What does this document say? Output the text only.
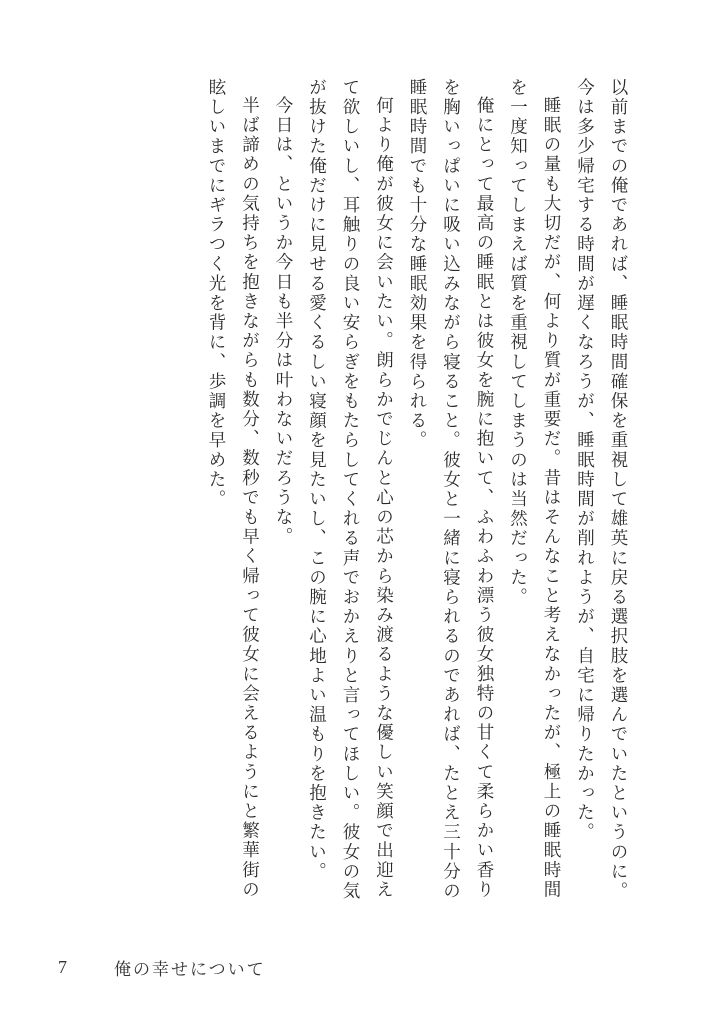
以前までの俺であれば、睡眠時間確保を重視して雄英に戻る選択肢を選んでいたというのに。今は多少帰宅する時間が遅くなろうが、睡眠時間が削れようが、自宅に帰りたかった。

睡眠の量も大切だが、何より質が重要だ。昔はそんなこと考えなかったが、極上の睡眠時間を一度知ってしまえば質を重視してしまうのは当然だった。

俺にとって最高の睡眠とは彼女を腕に抱いて、ふわふわ漂う彼女独特の甘くて柔らかい香りを胸いっぱいに吸い込みながら寝ること。彼女と一緒に寝られるのであれば、たとえ三十分の睡眠時間でも十分な睡眠効果を得られる。

何より俺が彼女に会いたい。朗らかでじんと心の芯から染み渡るような優しい笑顔で出迎えて欲しいし、耳触りの良い安らぎをもたらしてくれる声でおかえりと言ってほしい。彼女の気が抜けた俺だけに見せる愛くるしい寝顔を見たいし、この腕に心地よい温もりを抱きたい。

今日は、というか今日も半分は叶わないだろうな。

半ば諦めの気持ちを抱きながらも数分、数秒でも早く帰って彼女に会えるようにと繁華街の眩しいまでにギラつく光を背に、歩調を早めた。

7	俺の幸せについて
